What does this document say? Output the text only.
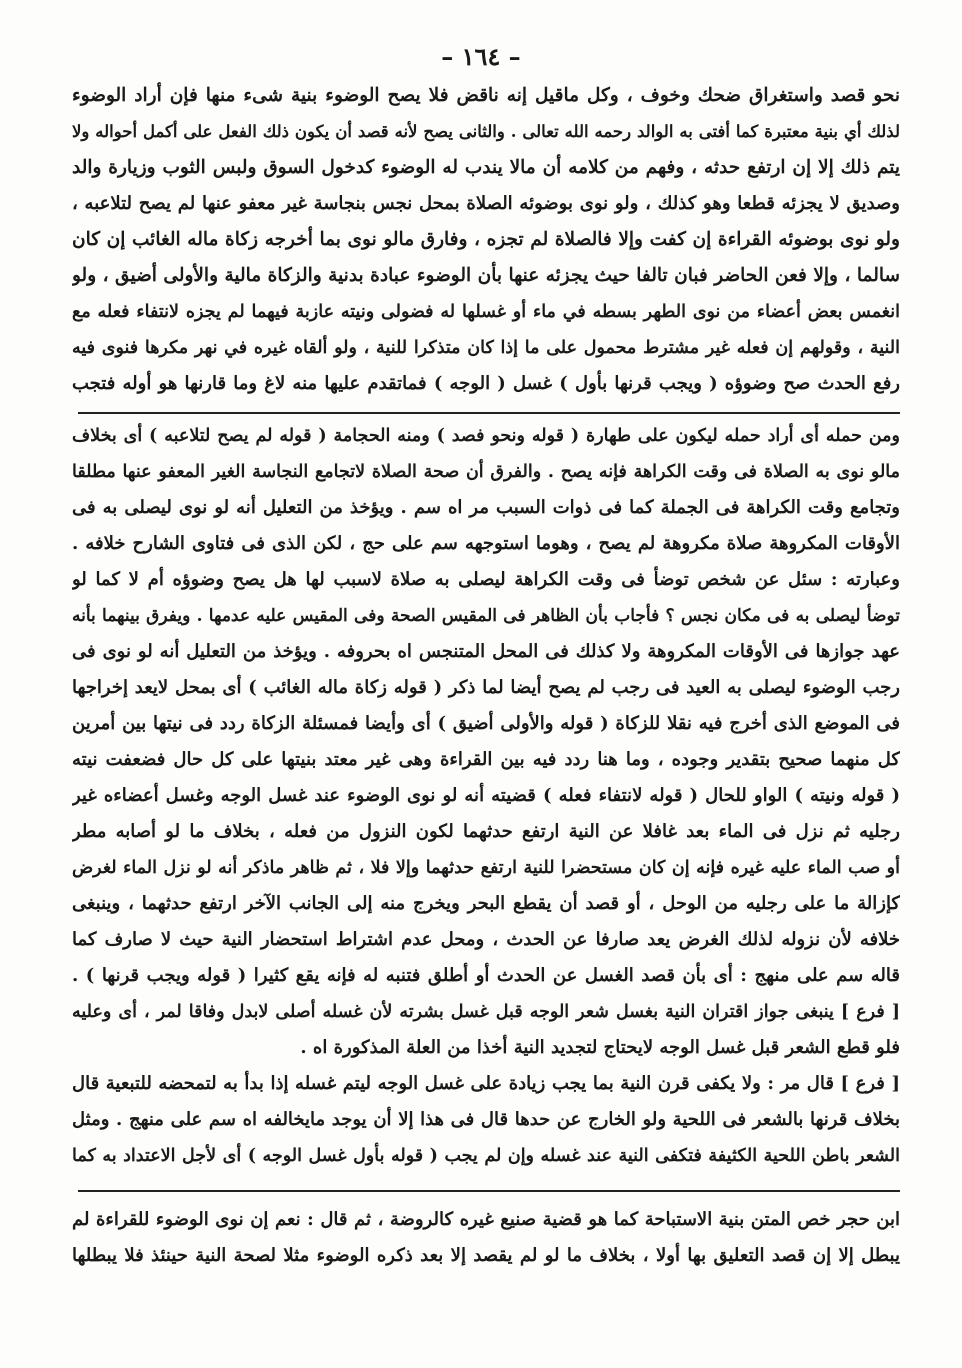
– ١٦٤ –
نحو قصد واستغراق ضحك وخوف ، وكل ماقيل إنه ناقض فلا يصح الوضوء بنية شىء منها فإن أراد الوضوء
لذلك أي بنية معتبرة كما أفتى به الوالد رحمه الله تعالى . والثانى يصح لأنه قصد أن يكون ذلك الفعل على أكمل أحواله ولا
يتم ذلك إلا إن ارتفع حدثه ، وفهم من كلامه أن مالا يندب له الوضوء كدخول السوق ولبس الثوب وزيارة والد
وصديق لا يجزئه قطعا وهو كذلك ، ولو نوى بوضوئه الصلاة بمحل نجس بنجاسة غير معفو عنها لم يصح لتلاعبه ،
ولو نوى بوضوئه القراءة إن كفت وإلا فالصلاة لم تجزه ، وفارق مالو نوى بما أخرجه زكاة ماله الغائب إن كان
سالما ، وإلا فعن الحاضر فبان تالفا حيث يجزئه عنها بأن الوضوء عبادة بدنية والزكاة مالية والأولى أضيق ، ولو
انغمس بعض أعضاء من نوى الطهر بسطه في ماء أو غسلها له فضولى ونيته عازبة فيهما لم يجزه لانتفاء فعله مع
النية ، وقولهم إن فعله غير مشترط محمول على ما إذا كان متذكرا للنية ، ولو ألقاه غيره في نهر مكرها فنوى فيه
رفع الحدث صح وضوؤه ( ويجب قرنها بأول ) غسل ( الوجه ) فماتقدم عليها منه لاغ وما قارنها هو أوله فتجب
ومن حمله أى أراد حمله ليكون على طهارة ( قوله ونحو فصد ) ومنه الحجامة ( قوله لم يصح لتلاعبه ) أى بخلاف
مالو نوى به الصلاة فى وقت الكراهة فإنه يصح . والفرق أن صحة الصلاة لاتجامع النجاسة الغير المعفو عنها مطلقا
وتجامع وقت الكراهة فى الجملة كما فى ذوات السبب مر اه سم . ويؤخذ من التعليل أنه لو نوى ليصلى به فى
الأوقات المكروهة صلاة مكروهة لم يصح ، وهوما استوجهه سم على حج ، لكن الذى فى فتاوى الشارح خلافه .
وعبارته : سئل عن شخص توضأ فى وقت الكراهة ليصلى به صلاة لاسبب لها هل يصح وضوؤه أم لا كما لو
توضأ ليصلى به فى مكان نجس ؟ فأجاب بأن الظاهر فى المقيس الصحة وفى المقيس عليه عدمها . ويفرق بينهما بأنه
عهد جوازها فى الأوقات المكروهة ولا كذلك فى المحل المتنجس اه بحروفه . ويؤخذ من التعليل أنه لو نوى فى
رجب الوضوء ليصلى به العيد فى رجب لم يصح أيضا لما ذكر ( قوله زكاة ماله الغائب ) أى بمحل لايعد إخراجها
فى الموضع الذى أخرج فيه نقلا للزكاة ( قوله والأولى أضيق ) أى وأيضا فمسئلة الزكاة ردد فى نيتها بين أمرين
كل منهما صحيح بتقدير وجوده ، وما هنا ردد فيه بين القراءة وهى غير معتد بنيتها على كل حال فضعفت نيته
( قوله ونيته ) الواو للحال ( قوله لانتفاء فعله ) قضيته أنه لو نوى الوضوء عند غسل الوجه وغسل أعضاءه غير
رجليه ثم نزل فى الماء بعد غافلا عن النية ارتفع حدثهما لكون النزول من فعله ، بخلاف ما لو أصابه مطر
أو صب الماء عليه غيره فإنه إن كان مستحضرا للنية ارتفع حدثهما وإلا فلا ، ثم ظاهر ماذكر أنه لو نزل الماء لغرض
كإزالة ما على رجليه من الوحل ، أو قصد أن يقطع البحر ويخرج منه إلى الجانب الآخر ارتفع حدثهما ، وينبغى
خلافه لأن نزوله لذلك الغرض يعد صارفا عن الحدث ، ومحل عدم اشتراط استحضار النية حيث لا صارف كما
قاله سم على منهج : أى بأن قصد الغسل عن الحدث أو أطلق فتنبه له فإنه يقع كثيرا ( قوله ويجب قرنها ) .
[ فرع ] ينبغى جواز اقتران النية بغسل شعر الوجه قبل غسل بشرته لأن غسله أصلى لابدل وفاقا لمر ، أى وعليه
فلو قطع الشعر قبل غسل الوجه لايحتاج لتجديد النية أخذا من العلة المذكورة اه .
[ فرع ] قال مر : ولا يكفى قرن النية بما يجب زيادة على غسل الوجه ليتم غسله إذا بدأ به لتمحضه للتبعية قال
بخلاف قرنها بالشعر فى اللحية ولو الخارج عن حدها قال فى هذا إلا أن يوجد مايخالفه اه سم على منهج . ومثل
الشعر باطن اللحية الكثيفة فتكفى النية عند غسله وإن لم يجب ( قوله بأول غسل الوجه ) أى لأجل الاعتداد به كما
ابن حجر خص المتن بنية الاستباحة كما هو قضية صنيع غيره كالروضة ، ثم قال : نعم إن نوى الوضوء للقراءة لم
يبطل إلا إن قصد التعليق بها أولا ، بخلاف ما لو لم يقصد إلا بعد ذكره الوضوء مثلا لصحة النية حينئذ فلا يبطلها
